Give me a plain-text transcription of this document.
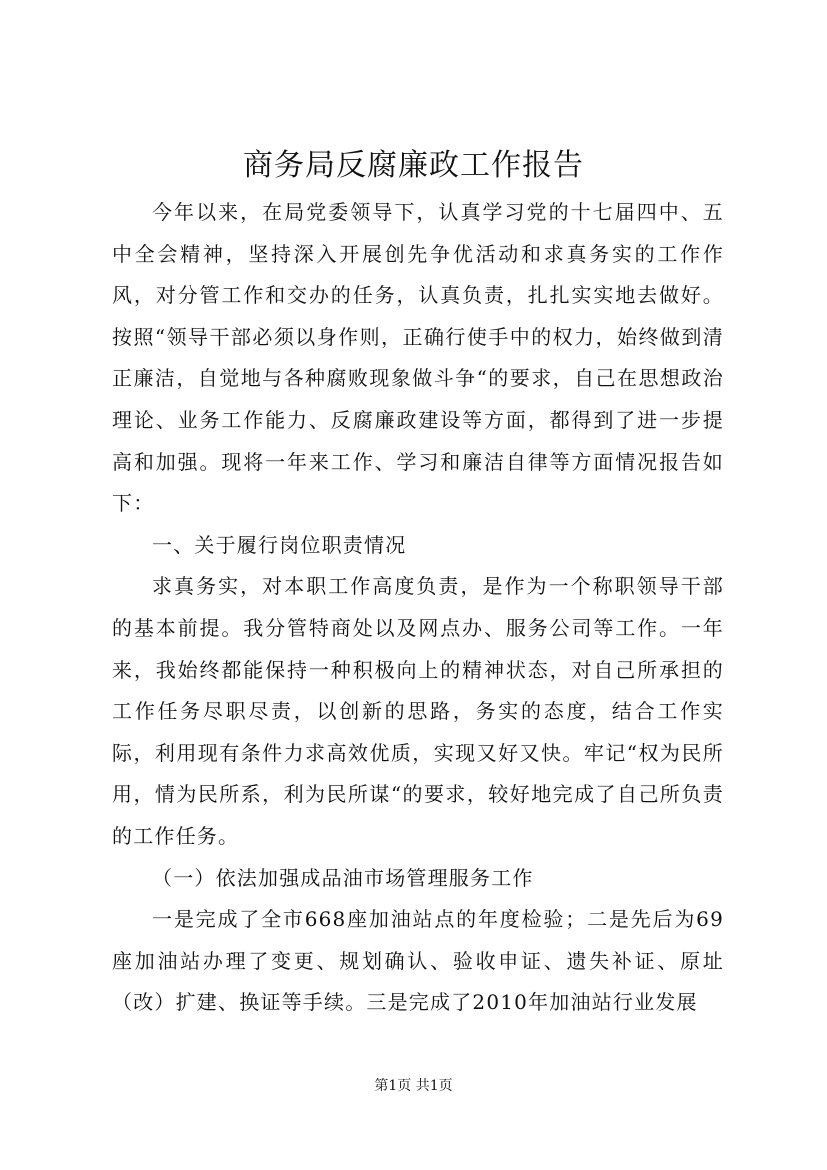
商务局反腐廉政工作报告

今年以来，在局党委领导下，认真学习党的十七届四中、五中全会精神，坚持深入开展创先争优活动和求真务实的工作作风，对分管工作和交办的任务，认真负责，扎扎实实地去做好。按照“领导干部必须以身作则，正确行使手中的权力，始终做到清正廉洁，自觉地与各种腐败现象做斗争“的要求，自己在思想政治理论、业务工作能力、反腐廉政建设等方面，都得到了进一步提高和加强。现将一年来工作、学习和廉洁自律等方面情况报告如下：

一、关于履行岗位职责情况

求真务实，对本职工作高度负责，是作为一个称职领导干部的基本前提。我分管特商处以及网点办、服务公司等工作。一年来，我始终都能保持一种积极向上的精神状态，对自己所承担的工作任务尽职尽责，以创新的思路，务实的态度，结合工作实际，利用现有条件力求高效优质，实现又好又快。牢记“权为民所用，情为民所系，利为民所谋“的要求，较好地完成了自己所负责的工作任务。

（一）依法加强成品油市场管理服务工作

一是完成了全市668座加油站点的年度检验；二是先后为69座加油站办理了变更、规划确认、验收申证、遗失补证、原址（改）扩建、换证等手续。三是完成了2010年加油站行业发展

第1页 共1页
